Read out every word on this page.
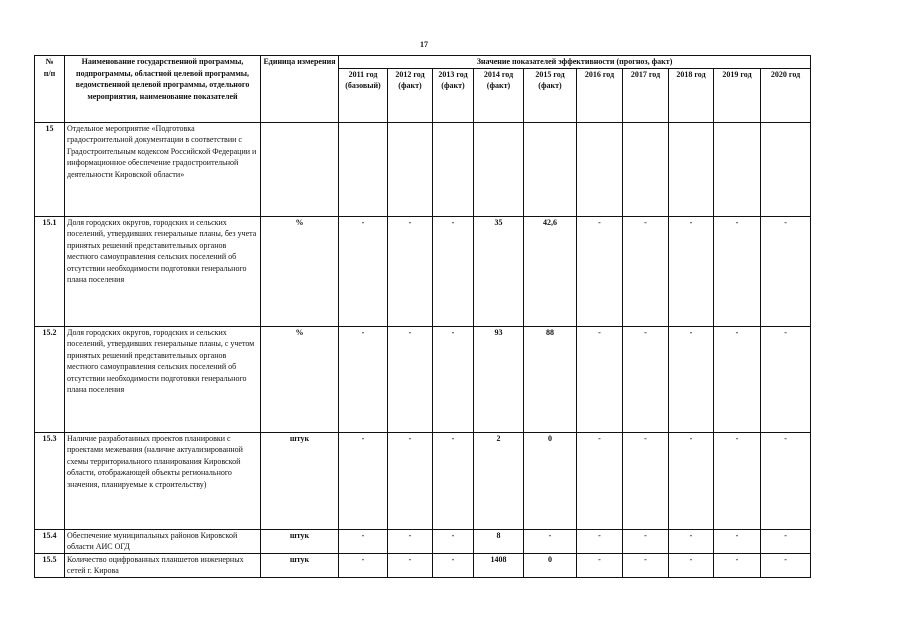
17
№
п/п	Наименование государственной программы, подпрограммы, областной целевой программы, ведомственной целевой программы, отдельного мероприятия, наименование показателей	Единица измерения	Значение показателей эффективности (прогноз, факт)									
			2011 год (базовый)	2012 год (факт)	2013 год (факт)	2014 год (факт)	2015 год (факт)	2016 год	2017 год	2018 год	2019 год	2020 год
15	Отдельное мероприятие «Подготовка градостроительной документации в соответствии с Градостроительным кодексом Российской Федерации и информационное обеспечение градостроительной деятельности Кировской области»											
15.1	Доля городских округов, городских и сельских поселений, утвердивших генеральные планы, без учета принятых решений представительных органов местного самоуправления сельских поселений об отсутствии необходимости подготовки генерального плана поселения	%	-	-	-	35	42,6	-	-	-	-	-
15.2	Доля городских округов, городских и сельских поселений, утвердивших генеральные планы, с учетом принятых решений представительных органов местного самоуправления сельских поселений об отсутствии необходимости подготовки генерального плана поселения	%	-	-	-	93	88	-	-	-	-	-
15.3	Наличие разработанных проектов планировки с проектами межевания (наличие актуализированной схемы территориального планирования Кировской области, отображающей объекты регионального значения, планируемые к строительству)	штук	-	-	-	2	0	-	-	-	-	-
15.4	Обеспечение муниципальных районов Кировской области АИС ОГД	штук	-	-	-	8	-	-	-	-	-	-
15.5	Количество оцифрованных планшетов инженерных сетей г. Кирова	штук	-	-	-	1408	0	-	-	-	-	-
